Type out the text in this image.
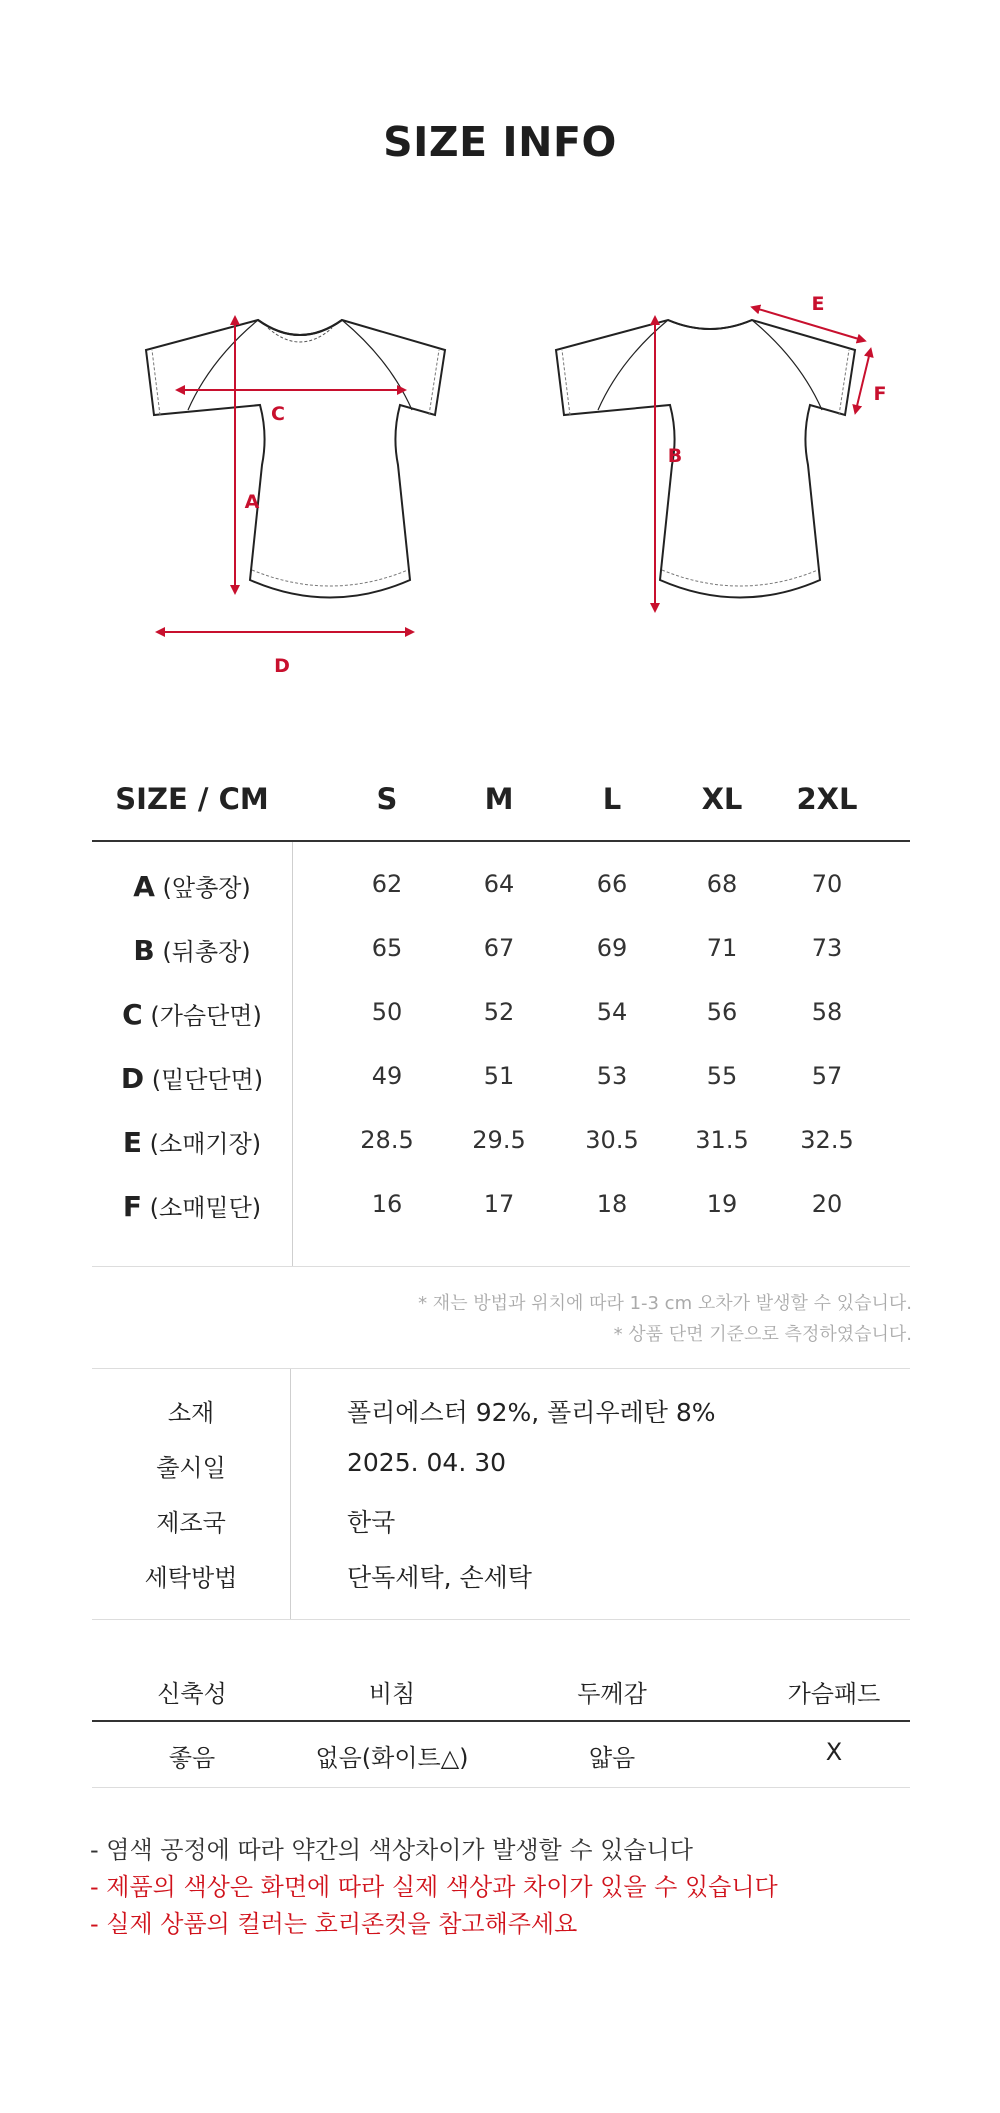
SIZE INFO
C
A
D
B
E
F
SIZE / CM	S	M	L	XL	2XL
A (앞총장)	62	64	66	68	70
B (뒤총장)	65	67	69	71	73
C (가슴단면)	50	52	54	56	58
D (밑단단면)	49	51	53	55	57
E (소매기장)	28.5	29.5	30.5	31.5	32.5
F (소매밑단)	16	17	18	19	20
* 재는 방법과 위치에 따라 1-3 cm 오차가 발생할 수 있습니다.
* 상품 단면 기준으로 측정하였습니다.
소재	폴리에스터 92%, 폴리우레탄 8%
출시일	2025. 04. 30
제조국	한국
세탁방법	단독세탁, 손세탁
신축성	비침	두께감	가슴패드
좋음	없음(화이트△)	얇음	X
- 염색 공정에 따라 약간의 색상차이가 발생할 수 있습니다
- 제품의 색상은 화면에 따라 실제 색상과 차이가 있을 수 있습니다
- 실제 상품의 컬러는 호리존컷을 참고해주세요
